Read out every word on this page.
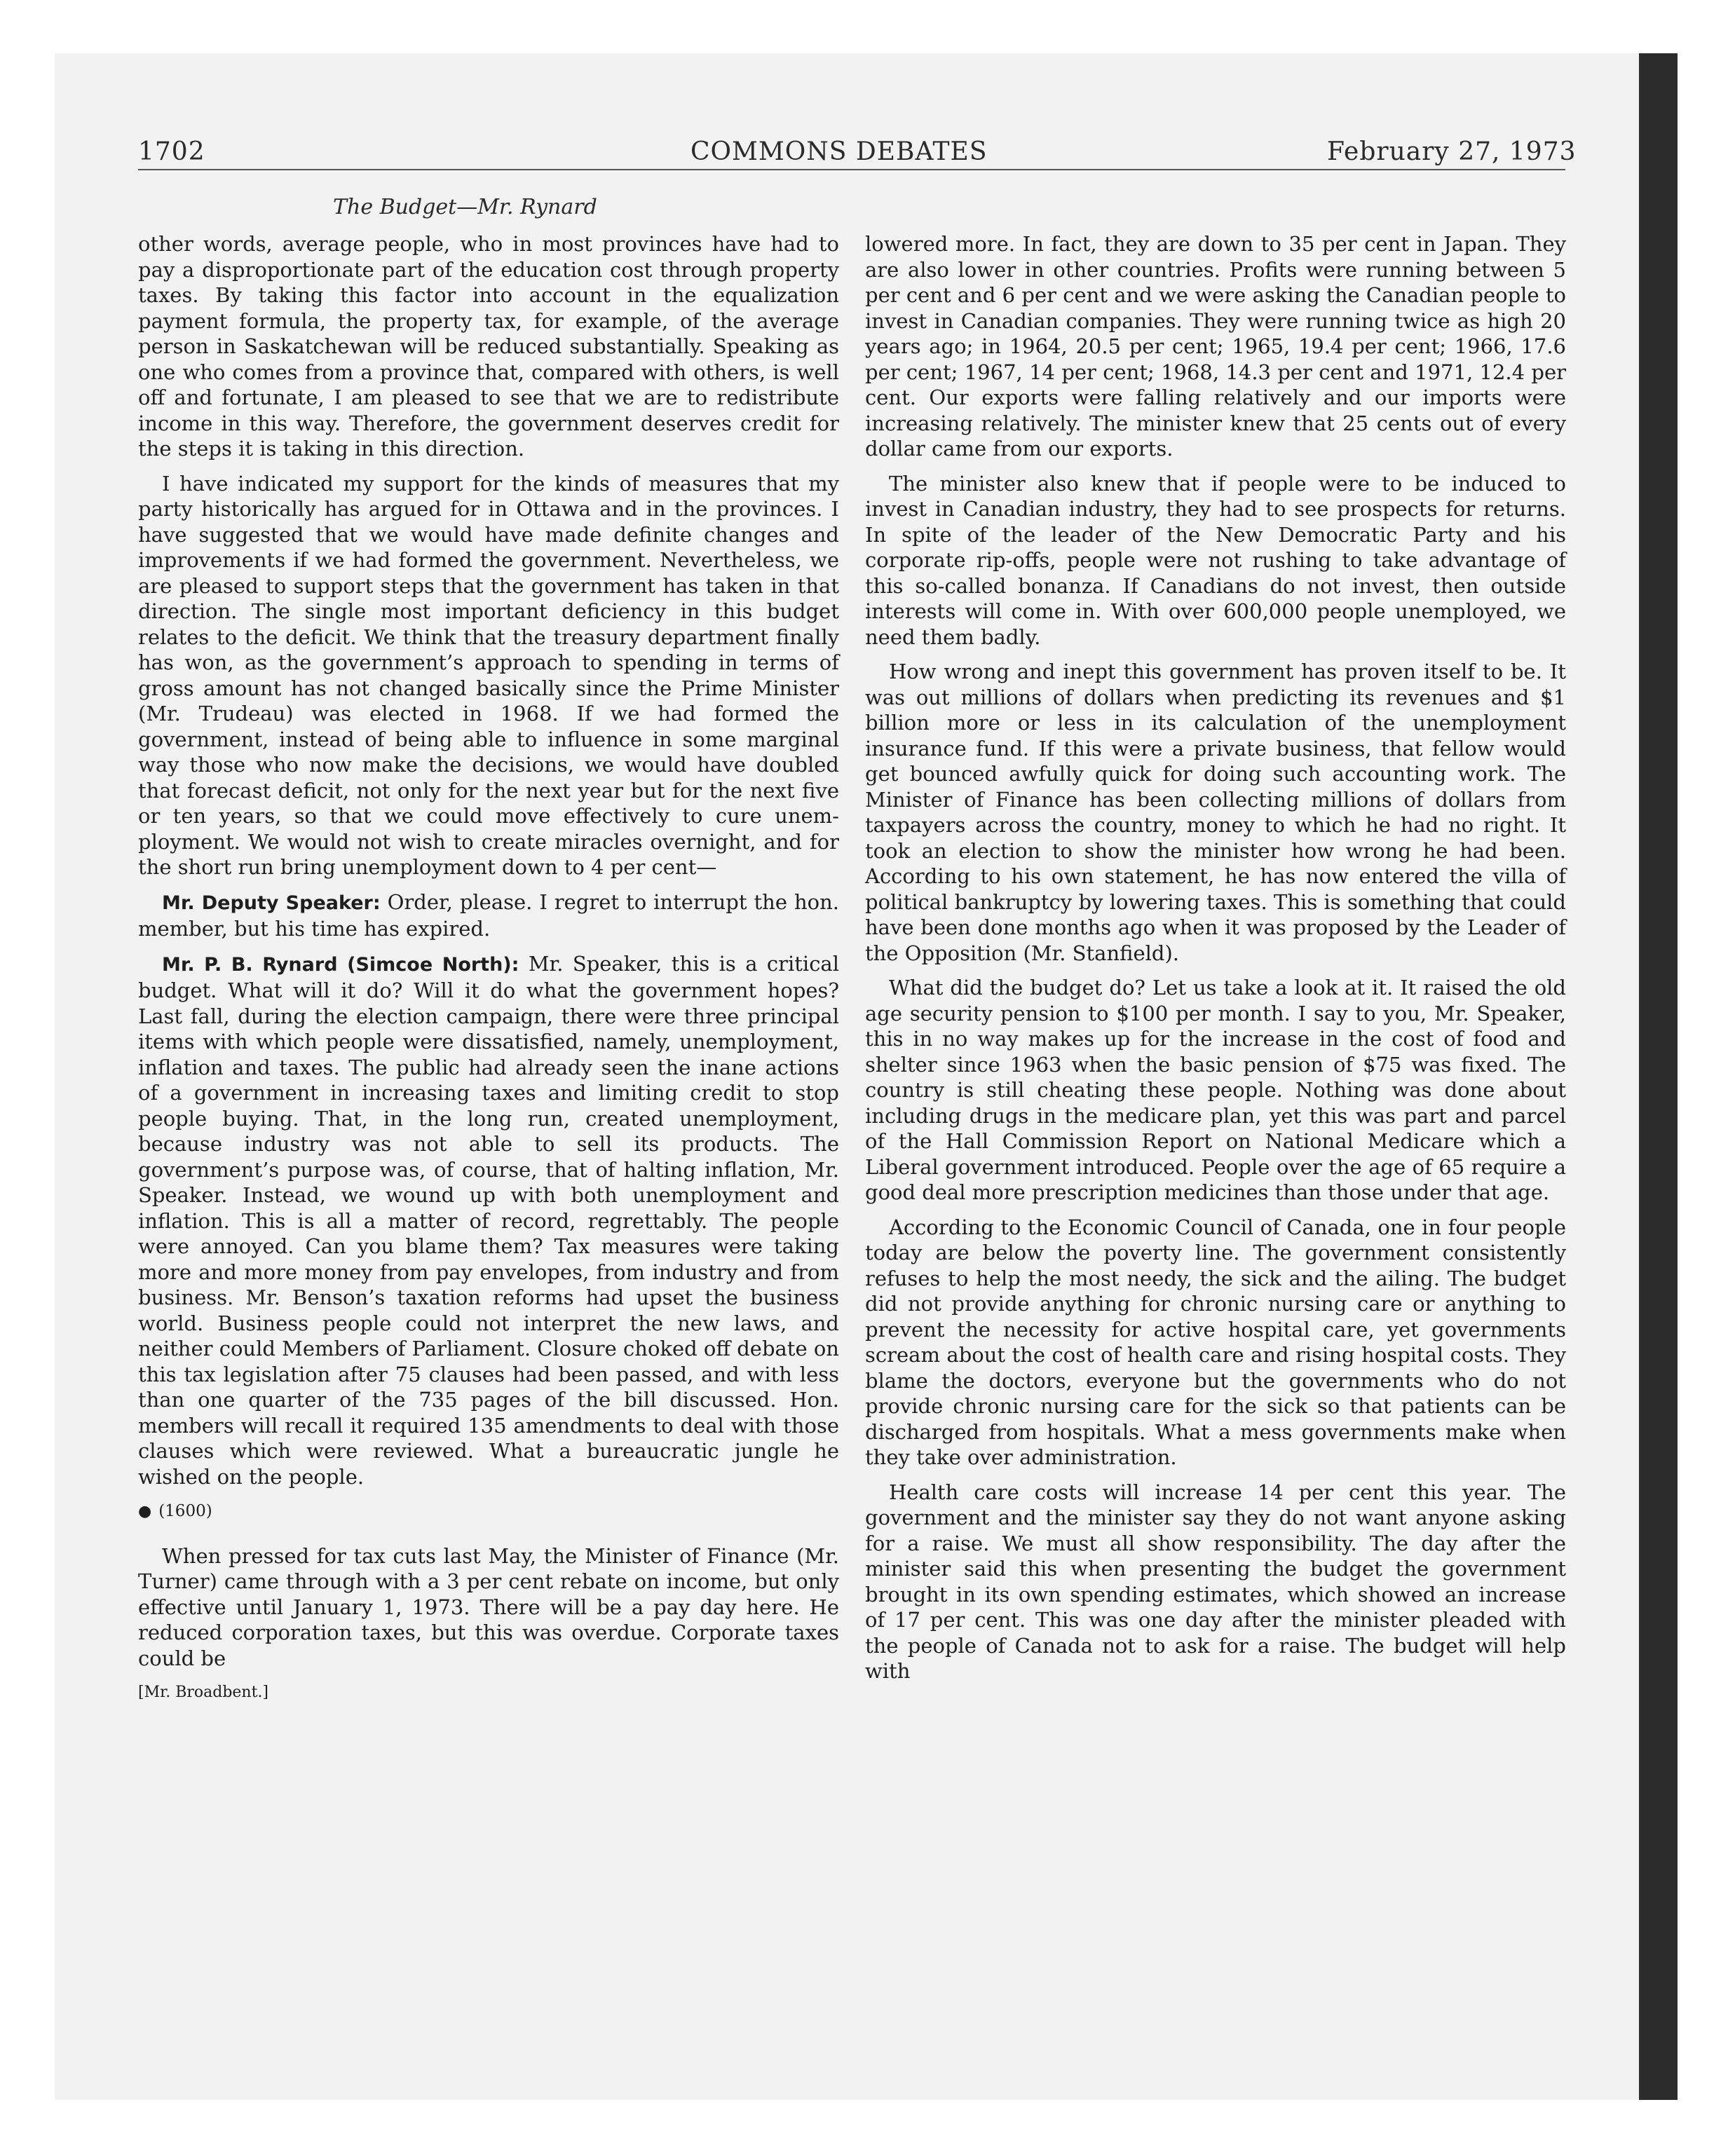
1702	COMMONS DEBATES	February 27, 1973
The Budget—Mr. Rynard

other words, average people, who in most provinces have had to pay a disproportionate part of the education cost through property taxes. By taking this factor into account in the equalization payment formula, the property tax, for example, of the average person in Saskatchewan will be reduced substantially. Speaking as one who comes from a province that, compared with others, is well off and fortunate, I am pleased to see that we are to redistribute income in this way. Therefore, the government deserves credit for the steps it is taking in this direction.

I have indicated my support for the kinds of measures that my party historically has argued for in Ottawa and in the provinces. I have suggested that we would have made definite changes and improvements if we had formed the government. Nevertheless, we are pleased to support steps that the government has taken in that direction. The single most important deficiency in this budget relates to the deficit. We think that the treasury department finally has won, as the government’s approach to spending in terms of gross amount has not changed basically since the Prime Minister (Mr. Trudeau) was elected in 1968. If we had formed the government, instead of being able to influence in some marginal way those who now make the decisions, we would have doubled that forecast deficit, not only for the next year but for the next five or ten years, so that we could move effectively to cure unemployment. We would not wish to create miracles overnight, and for the short run bring unemployment down to 4 per cent—

Mr. Deputy Speaker: Order, please. I regret to interrupt the hon. member, but his time has expired.

Mr. P. B. Rynard (Simcoe North): Mr. Speaker, this is a critical budget. What will it do? Will it do what the government hopes? Last fall, during the election campaign, there were three principal items with which people were dissatisfied, namely, unemployment, inflation and taxes. The public had already seen the inane actions of a government in increasing taxes and limiting credit to stop people buying. That, in the long run, created unemployment, because industry was not able to sell its products. The government’s purpose was, of course, that of halting inflation, Mr. Speaker. Instead, we wound up with both unemployment and inflation. This is all a matter of record, regrettably. The people were annoyed. Can you blame them? Tax measures were taking more and more money from pay envelopes, from industry and from business. Mr. Benson’s taxation reforms had upset the business world. Business people could not interpret the new laws, and neither could Members of Parliament. Closure choked off debate on this tax legislation after 75 clauses had been passed, and with less than one quarter of the 735 pages of the bill discussed. Hon. members will recall it required 135 amendments to deal with those clauses which were reviewed. What a bureaucratic jungle he wished on the people.

● (1600)

When pressed for tax cuts last May, the Minister of Finance (Mr. Turner) came through with a 3 per cent rebate on income, but only effective until January 1, 1973. There will be a pay day here. He reduced corporation taxes, but this was overdue. Corporate taxes could be

[Mr. Broadbent.]

lowered more. In fact, they are down to 35 per cent in Japan. They are also lower in other countries. Profits were running between 5 per cent and 6 per cent and we were asking the Canadian people to invest in Canadian companies. They were running twice as high 20 years ago; in 1964, 20.5 per cent; 1965, 19.4 per cent; 1966, 17.6 per cent; 1967, 14 per cent; 1968, 14.3 per cent and 1971, 12.4 per cent. Our exports were falling relatively and our imports were increasing relatively. The minister knew that 25 cents out of every dollar came from our exports.

The minister also knew that if people were to be induced to invest in Canadian industry, they had to see prospects for returns. In spite of the leader of the New Democratic Party and his corporate rip-offs, people were not rushing to take advantage of this so-called bonanza. If Canadians do not invest, then outside interests will come in. With over 600,000 people unemployed, we need them badly.

How wrong and inept this government has proven itself to be. It was out millions of dollars when predicting its revenues and $1 billion more or less in its calculation of the unemployment insurance fund. If this were a private business, that fellow would get bounced awfully quick for doing such accounting work. The Minister of Finance has been collecting millions of dollars from taxpayers across the country, money to which he had no right. It took an election to show the minister how wrong he had been. According to his own statement, he has now entered the villa of political bankruptcy by lowering taxes. This is something that could have been done months ago when it was proposed by the Leader of the Opposition (Mr. Stanfield).

What did the budget do? Let us take a look at it. It raised the old age security pension to $100 per month. I say to you, Mr. Speaker, this in no way makes up for the increase in the cost of food and shelter since 1963 when the basic pension of $75 was fixed. The country is still cheating these people. Nothing was done about including drugs in the medicare plan, yet this was part and parcel of the Hall Commission Report on National Medicare which a Liberal government introduced. People over the age of 65 require a good deal more prescription medicines than those under that age.

According to the Economic Council of Canada, one in four people today are below the poverty line. The government consistently refuses to help the most needy, the sick and the ailing. The budget did not provide anything for chronic nursing care or anything to prevent the necessity for active hospital care, yet governments scream about the cost of health care and rising hospital costs. They blame the doctors, everyone but the governments who do not provide chronic nursing care for the sick so that patients can be discharged from hospitals. What a mess governments make when they take over administration.

Health care costs will increase 14 per cent this year. The government and the minister say they do not want anyone asking for a raise. We must all show responsibility. The day after the minister said this when presenting the budget the government brought in its own spending estimates, which showed an increase of 17 per cent. This was one day after the minister pleaded with the people of Canada not to ask for a raise. The budget will help with
